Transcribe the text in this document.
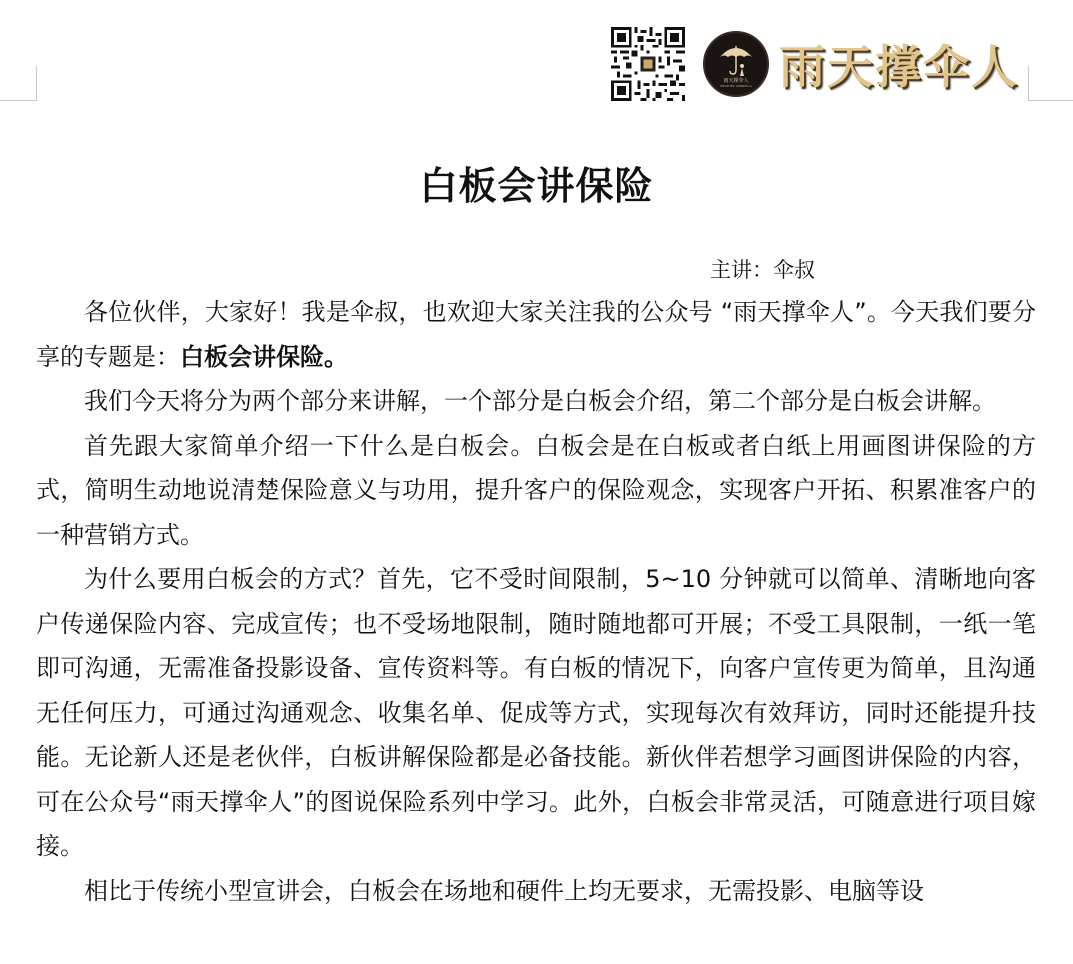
雨天撑伞人
WEATHER UMBRELLA 雨天撑伞人
白板会讲保险
主讲：伞叔

各位伙伴，大家好！我是伞叔，也欢迎大家关注我的公众号 “雨天撑伞人”。今天我们要分享的专题是：白板会讲保险。

我们今天将分为两个部分来讲解，一个部分是白板会介绍，第二个部分是白板会讲解。

首先跟大家简单介绍一下什么是白板会。白板会是在白板或者白纸上用画图讲保险的方式，简明生动地说清楚保险意义与功用，提升客户的保险观念，实现客户开拓、积累准客户的一种营销方式。

为什么要用白板会的方式？首先，它不受时间限制，5~10 分钟就可以简单、清晰地向客户传递保险内容、完成宣传；也不受场地限制，随时随地都可开展；不受工具限制，一纸一笔即可沟通，无需准备投影设备、宣传资料等。有白板的情况下，向客户宣传更为简单，且沟通无任何压力，可通过沟通观念、收集名单、促成等方式，实现每次有效拜访，同时还能提升技能。无论新人还是老伙伴，白板讲解保险都是必备技能。新伙伴若想学习画图讲保险的内容，可在公众号“雨天撑伞人”的图说保险系列中学习。此外，白板会非常灵活，可随意进行项目嫁接。

相比于传统小型宣讲会，白板会在场地和硬件上均无要求，无需投影、电脑等设
